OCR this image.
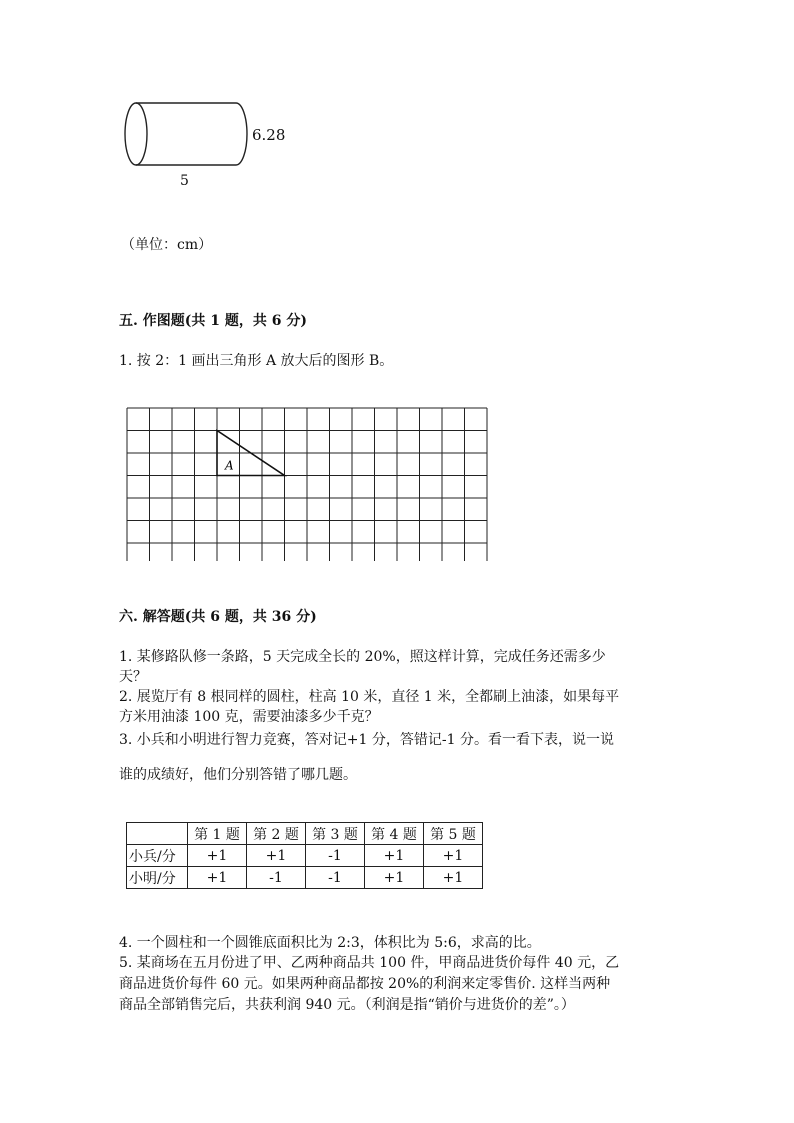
6.28
5
（单位：cm）
五. 作图题(共 1 题，共 6 分)
1. 按 2：1 画出三角形 A 放大后的图形 B。
A
六. 解答题(共 6 题，共 36 分)
1. 某修路队修一条路，5 天完成全长的 20%，照这样计算，完成任务还需多少
天？
2. 展览厅有 8 根同样的圆柱，柱高 10 米，直径 1 米，全都刷上油漆，如果每平
方米用油漆 100 克，需要油漆多少千克？
3. 小兵和小明进行智力竞赛，答对记+1 分，答错记-1 分。看一看下表，说一说
谁的成绩好，他们分别答错了哪几题。
	第 1 题	第 2 题	第 3 题	第 4 题	第 5 题
小兵/分	+1	+1	-1	+1	+1
小明/分	+1	-1	-1	+1	+1
4. 一个圆柱和一个圆锥底面积比为 2:3，体积比为 5:6，求高的比。
5. 某商场在五月份进了甲、乙两种商品共 100 件，甲商品进货价每件 40 元，乙
商品进货价每件 60 元。如果两种商品都按 20%的利润来定零售价. 这样当两种
商品全部销售完后，共获利润 940 元。（利润是指“销价与进货价的差”。）
